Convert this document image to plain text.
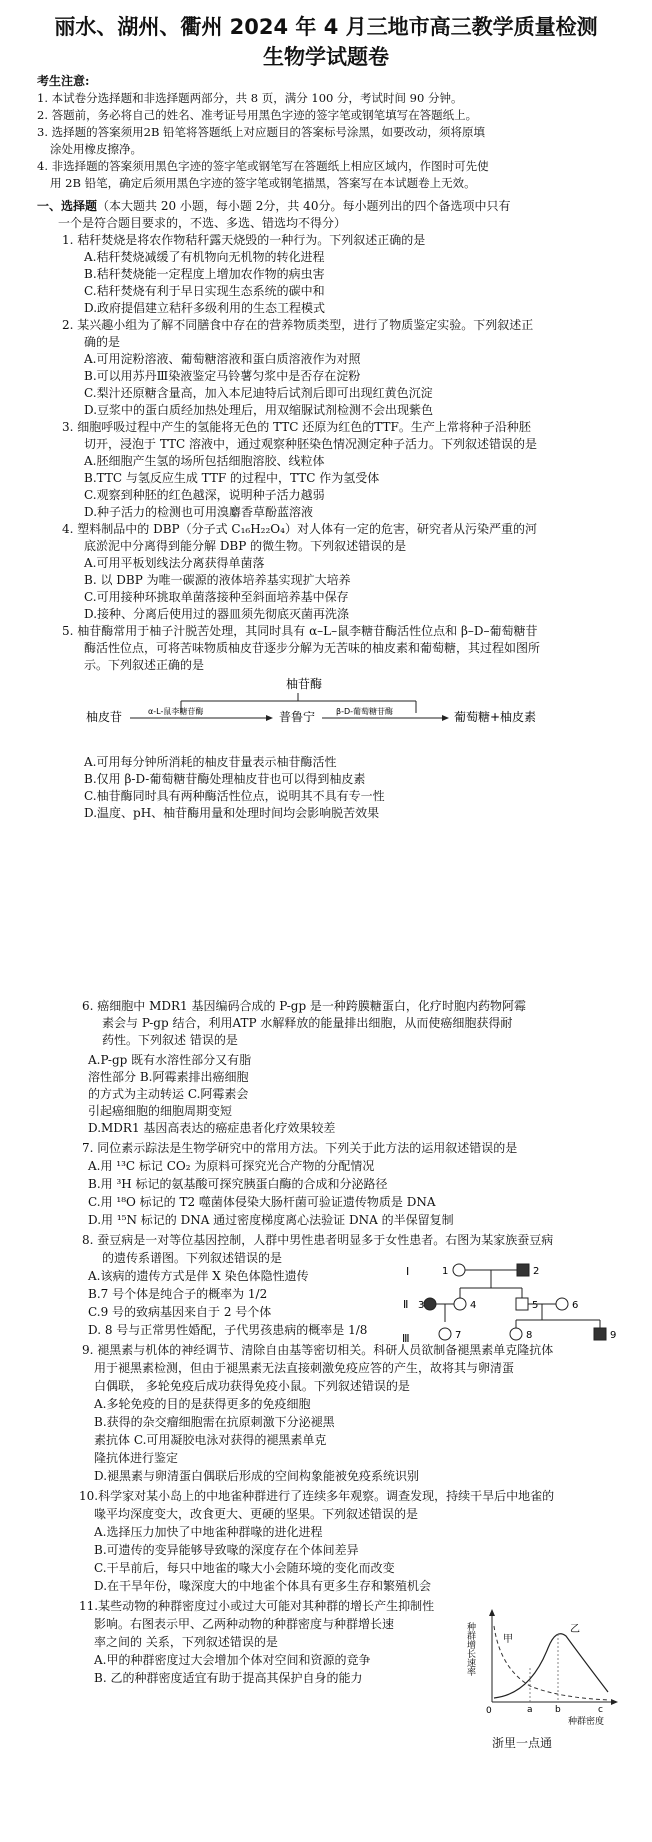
丽水、湖州、衢州 2024 年 4 月三地市高三教学质量检测
生物学试题卷
考生注意:
1. 本试卷分选择题和非选择题两部分，共 8 页，满分 100 分，考试时间 90 分钟。
2. 答题前，务必将自己的姓名、准考证号用黑色字迹的签字笔或钢笔填写在答题纸上。
3. 选择题的答案须用2B 铅笔将答题纸上对应题目的答案标号涂黑，如要改动，须将原填
涂处用橡皮擦净。
4. 非选择题的答案须用黑色字迹的签字笔或钢笔写在答题纸上相应区域内，作图时可先使
用 2B 铅笔，确定后须用黑色字迹的签字笔或钢笔描黑，答案写在本试题卷上无效。
一、选择题（本大题共 20 小题，每小题 2分，共 40分。每小题列出的四个备选项中只有
一个是符合题目要求的，不选、多选、错选均不得分）
1. 秸秆焚烧是将农作物秸秆露天烧毁的一种行为。下列叙述正确的是
A.秸秆焚烧减缓了有机物向无机物的转化进程
B.秸秆焚烧能一定程度上增加农作物的病虫害
C.秸秆焚烧有利于早日实现生态系统的碳中和
D.政府提倡建立秸秆多级利用的生态工程模式
2. 某兴趣小组为了解不同膳食中存在的营养物质类型，进行了物质鉴定实验。下列叙述正
确的是
A.可用淀粉溶液、葡萄糖溶液和蛋白质溶液作为对照
B.可以用苏丹Ⅲ染液鉴定马铃薯匀浆中是否存在淀粉
C.梨汁还原糖含量高，加入本尼迪特后试剂后即可出现红黄色沉淀
D.豆浆中的蛋白质经加热处理后，用双缩脲试剂检测不会出现紫色
3. 细胞呼吸过程中产生的氢能将无色的 TTC 还原为红色的TTF。生产上常将种子沿种胚
切开，浸泡于 TTC 溶液中，通过观察种胚染色情况测定种子活力。下列叙述错误的是
A.胚细胞产生氢的场所包括细胞溶胶、线粒体
B.TTC 与氢反应生成 TTF 的过程中，TTC 作为氢受体
C.观察到种胚的红色越深，说明种子活力越弱
D.种子活力的检测也可用溴麝香草酚蓝溶液
4. 塑料制品中的 DBP（分子式 C₁₆H₂₂O₄）对人体有一定的危害，研究者从污染严重的河
底淤泥中分离得到能分解 DBP 的微生物。下列叙述错误的是
A.可用平板划线法分离获得单菌落
B. 以 DBP 为唯一碳源的液体培养基实现扩大培养
C.可用接种环挑取单菌落接种至斜面培养基中保存
D.接种、分离后使用过的器皿须先彻底灭菌再洗涤
5. 柚苷酶常用于柚子汁脱苦处理，其同时具有 α–L–鼠李糖苷酶活性位点和 β–D–葡萄糖苷
酶活性位点，可将苦味物质柚皮苷逐步分解为无苦味的柚皮素和葡萄糖，其过程如图所
示。下列叙述正确的是
柚苷酶
柚皮苷	α-L-鼠李糖苷酶	普鲁宁	β-D-葡萄糖苷酶	葡萄糖+柚皮素
A.可用每分钟所消耗的柚皮苷量表示柚苷酶活性
B.仅用 β-D-葡萄糖苷酶处理柚皮苷也可以得到柚皮素
C.柚苷酶同时具有两种酶活性位点，说明其不具有专一性
D.温度、pH、柚苷酶用量和处理时间均会影响脱苦效果
6. 癌细胞中 MDR1 基因编码合成的 P-gp 是一种跨膜糖蛋白，化疗时胞内药物阿霉
素会与 P-gp 结合，利用ATP 水解释放的能量排出细胞，从而使癌细胞获得耐
药性。下列叙述 错误的是
A.P-gp 既有水溶性部分又有脂
溶性部分 B.阿霉素排出癌细胞
的方式为主动转运 C.阿霉素会
引起癌细胞的细胞周期变短
D.MDR1 基因高表达的癌症患者化疗效果较差
7. 同位素示踪法是生物学研究中的常用方法。下列关于此方法的运用叙述错误的是
A.用 ¹³C 标记 CO₂ 为原料可探究光合产物的分配情况
B.用 ³H 标记的氨基酸可探究胰蛋白酶的合成和分泌路径
C.用 ¹⁸O 标记的 T2 噬菌体侵染大肠杆菌可验证遗传物质是 DNA
D.用 ¹⁵N 标记的 DNA 通过密度梯度离心法验证 DNA 的半保留复制
8. 蚕豆病是一对等位基因控制，人群中男性患者明显多于女性患者。右图为某家族蚕豆病
的遗传系谱图。下列叙述错误的是
A.该病的遗传方式是伴 X 染色体隐性遗传
B.7 号个体是纯合子的概率为 1/2
C.9 号的致病基因来自于 2 号个体
D. 8 号与正常男性婚配，子代男孩患病的概率是 1/8
Ⅰ
Ⅱ
Ⅲ
1	2
3	4	5	6
7	8	9
9. 褪黑素与机体的神经调节、清除自由基等密切相关。科研人员欲制备褪黑素单克隆抗体
用于褪黑素检测，但由于褪黑素无法直接刺激免疫应答的产生，故将其与卵清蛋
白偶联， 多轮免疫后成功获得免疫小鼠。下列叙述错误的是
A.多轮免疫的目的是获得更多的免疫细胞
B.获得的杂交瘤细胞需在抗原刺激下分泌褪黑
素抗体 C.可用凝胶电泳对获得的褪黑素单克
隆抗体进行鉴定
D.褪黑素与卵清蛋白偶联后形成的空间构象能被免疫系统识别
10.科学家对某小岛上的中地雀种群进行了连续多年观察。调查发现，持续干旱后中地雀的
喙平均深度变大，改食更大、更硬的坚果。下列叙述错误的是
A.选择压力加快了中地雀种群喙的进化进程
B.可遗传的变异能够导致喙的深度存在个体间差异
C.干旱前后，每只中地雀的喙大小会随环境的变化而改变
D.在干旱年份，喙深度大的中地雀个体具有更多生存和繁殖机会
11.某些动物的种群密度过小或过大可能对其种群的增长产生抑制性
影响。右图表示甲、乙两种动物的种群密度与种群增长速
率之间的 关系，下列叙述错误的是
A.甲的种群密度过大会增加个体对空间和资源的竞争
B. 乙的种群密度适宜有助于提高其保护自身的能力
种群增长速率	甲
乙
0	a b	c
种群密度
浙里一点通
